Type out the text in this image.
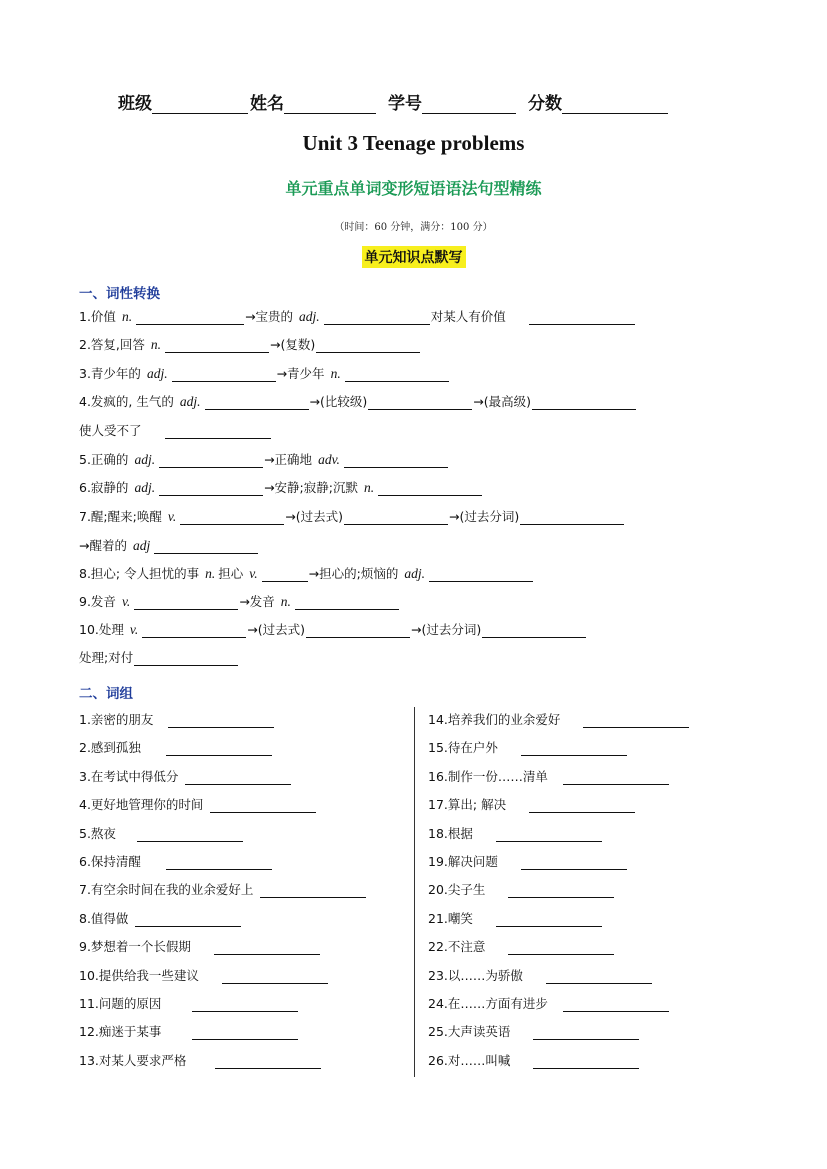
班级	姓名	学号	分数
Unit 3 Teenage problems
单元重点单词变形短语语法句型精练
（时间：60 分钟，满分：100 分）
单元知识点默写
一、词性转换
1.价值 n.	→宝贵的 adj.	对某人有价值
2.答复,回答 n.	→(复数)
3.青少年的 adj.	→青少年 n.
4.发疯的, 生气的 adj.	→(比较级)	→(最高级)
使人受不了
5.正确的 adj.	→正确地 adv.
6.寂静的 adj.	→安静;寂静;沉默 n.
7.醒;醒来;唤醒 v.	→(过去式)	→(过去分词)
→醒着的 adj
8.担心; 令人担忧的事 n. 担心 v.	→担心的;烦恼的 adj.
9.发音 v.	→发音 n.
10.处理 v.	→(过去式)	→(过去分词)
处理;对付
二、词组
1.亲密的朋友
2.感到孤独
3.在考试中得低分
4.更好地管理你的时间
5.熬夜
6.保持清醒
7.有空余时间在我的业余爱好上
8.值得做
9.梦想着一个长假期
10.提供给我一些建议
11.问题的原因
12.痴迷于某事
13.对某人要求严格
14.培养我们的业余爱好
15.待在户外
16.制作一份……清单
17.算出; 解决
18.根据
19.解决问题
20.尖子生
21.嘲笑
22.不注意
23.以……为骄傲
24.在……方面有进步
25.大声读英语
26.对……叫喊
